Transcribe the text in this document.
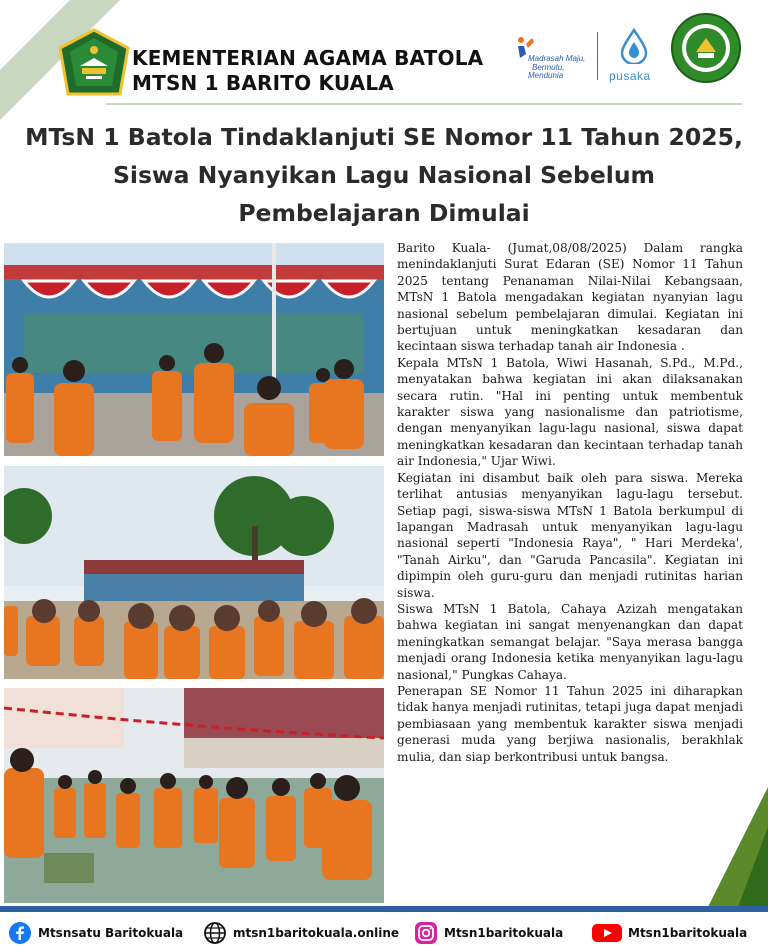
KEMENTERIAN AGAMA BATOLA
MTSN 1 BARITO KUALA
Madrasah Maju,
Bermutu,
Mendunia	pusaka
MTsN 1 Batola Tindaklanjuti SE Nomor 11 Tahun 2025,
Siswa Nyanyikan Lagu Nasional Sebelum
Pembelajaran Dimulai

Barito Kuala- (Jumat,08/08/2025) Dalam rangka menindaklanjuti Surat Edaran (SE) Nomor 11 Tahun 2025 tentang Penanaman Nilai-Nilai Kebangsaan, MTsN 1 Batola mengadakan kegiatan nyanyian lagu nasional sebelum pembelajaran dimulai. Kegiatan ini bertujuan untuk meningkatkan kesadaran dan kecintaan siswa terhadap tanah air Indonesia .

Kepala MTsN 1 Batola, Wiwi Hasanah, S.Pd., M.Pd., menyatakan bahwa kegiatan ini akan dilaksanakan secara rutin. "Hal ini penting untuk membentuk karakter siswa yang nasionalisme dan patriotisme, dengan menyanyikan lagu-lagu nasional, siswa dapat meningkatkan kesadaran dan kecintaan terhadap tanah air Indonesia," Ujar Wiwi.

Kegiatan ini disambut baik oleh para siswa. Mereka terlihat antusias menyanyikan lagu-lagu tersebut. Setiap pagi, siswa-siswa MTsN 1 Batola berkumpul di lapangan Madrasah untuk menyanyikan lagu-lagu nasional seperti "Indonesia Raya", " Hari Merdeka', "Tanah Airku", dan "Garuda Pancasila". Kegiatan ini dipimpin oleh guru-guru dan menjadi rutinitas harian siswa.

Siswa MTsN 1 Batola, Cahaya Azizah mengatakan bahwa kegiatan ini sangat menyenangkan dan dapat meningkatkan semangat belajar. "Saya merasa bangga menjadi orang Indonesia ketika menyanyikan lagu-lagu nasional," Pungkas Cahaya.

Penerapan SE Nomor 11 Tahun 2025 ini diharapkan tidak hanya menjadi rutinitas, tetapi juga dapat menjadi pembiasaan yang membentuk karakter siswa menjadi generasi muda yang berjiwa nasionalis, berakhlak mulia, dan siap berkontribusi untuk bangsa.

Mtsnsatu Baritokuala	mtsn1baritokuala.online	Mtsn1baritokuala	Mtsn1baritokuala
